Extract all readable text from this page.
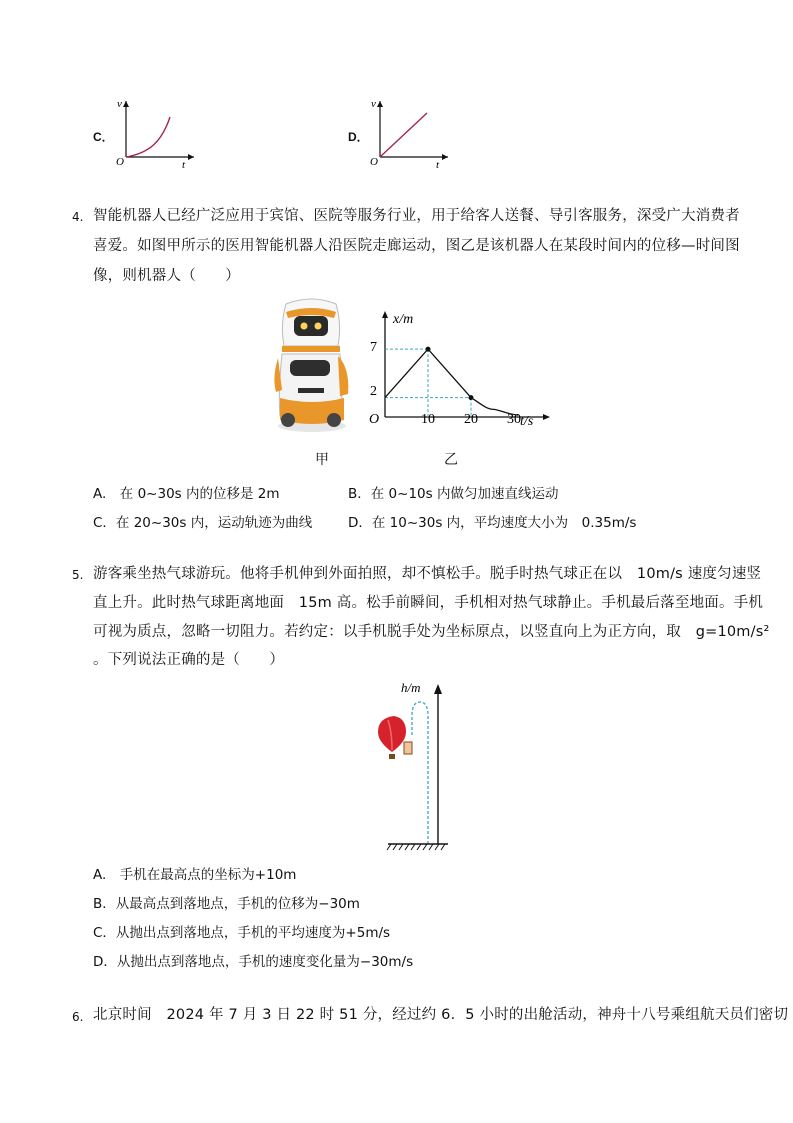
C．
v
t
O
D．
v
t
O
4. 智能机器人已经广泛应用于宾馆、医院等服务行业，用于给客人送餐、导引客服务，深受广大消费者
喜爱。如图甲所示的医用智能机器人沿医院走廊运动，图乙是该机器人在某段时间内的位移—时间图
像，则机器人（　　）
x/m
t/s
O
7
2
10 20 30
甲	乙
A.　在 0~30s 内的位移是 2m	B．在 0~10s 内做匀加速直线运动
C．在 20~30s 内，运动轨迹为曲线	D．在 10~30s 内，平均速度大小为　0.35m/s
5. 游客乘坐热气球游玩。他将手机伸到外面拍照，却不慎松手。脱手时热气球正在以　10m/s 速度匀速竖
直上升。此时热气球距离地面　15m 高。松手前瞬间，手机相对热气球静止。手机最后落至地面。手机
可视为质点，忽略一切阻力。若约定：以手机脱手处为坐标原点，以竖直向上为正方向，取　g=10m/s²
。下列说法正确的是（　　）
h/m
A.　手机在最高点的坐标为+10m
B．从最高点到落地点，手机的位移为−30m
C．从抛出点到落地点，手机的平均速度为+5m/s
D．从抛出点到落地点，手机的速度变化量为−30m/s
6. 北京时间　2024 年 7 月 3 日 22 时 51 分，经过约 6．5 小时的出舱活动，神舟十八号乘组航天员们密切
